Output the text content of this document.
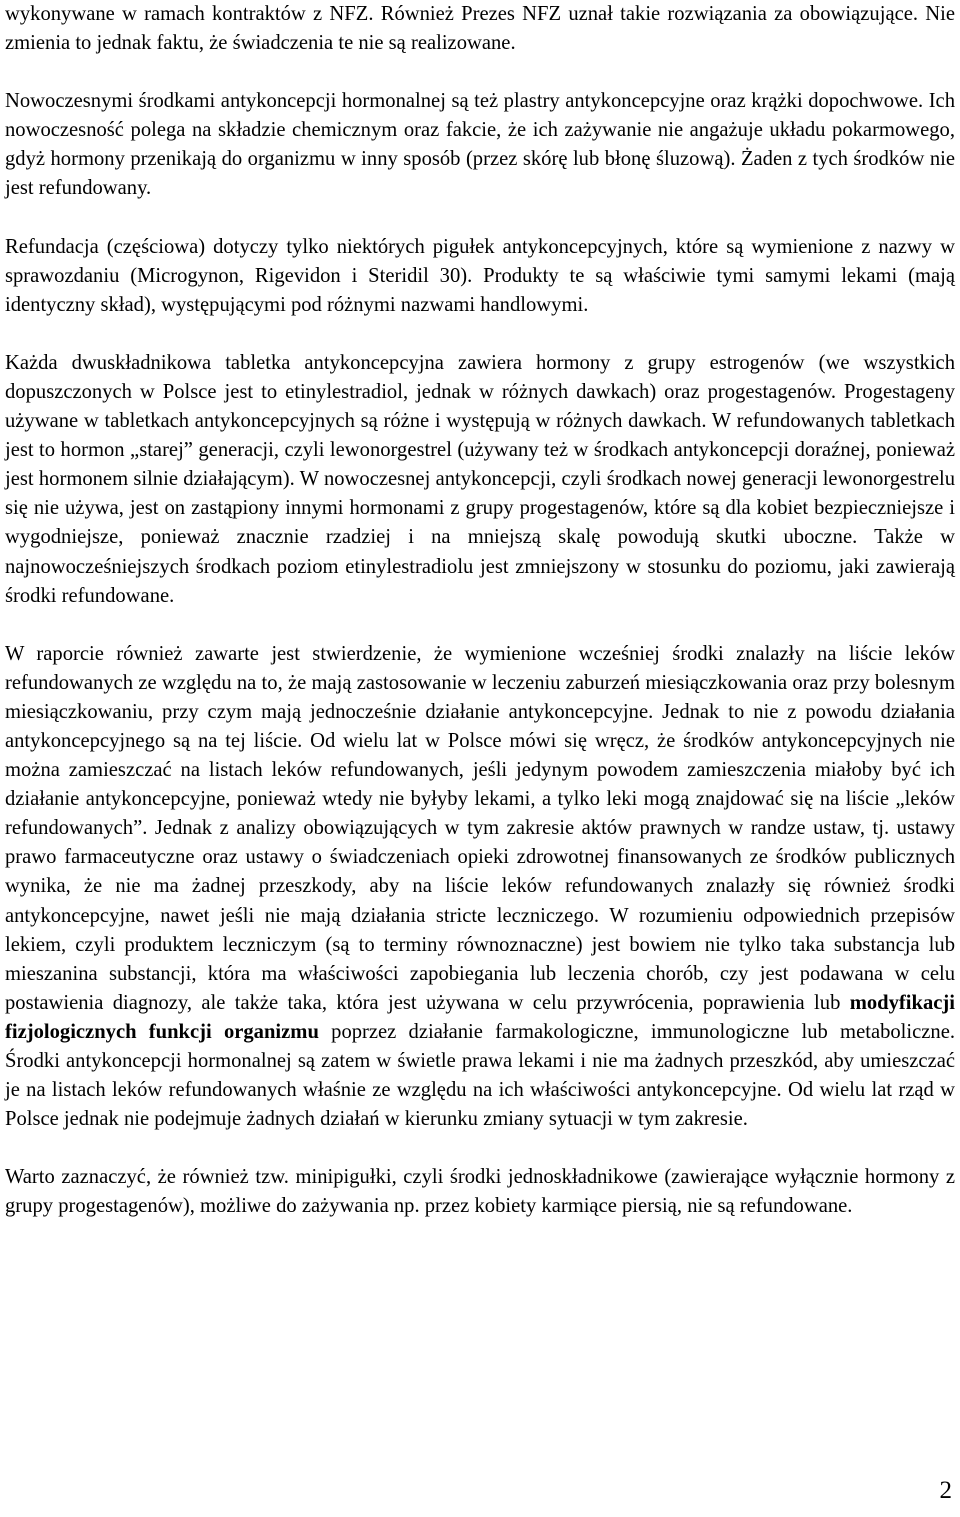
wykonywane w ramach kontraktów z NFZ. Również Prezes NFZ uznał takie rozwiązania za obowiązujące. Nie zmienia to jednak faktu, że świadczenia te nie są realizowane.

Nowoczesnymi środkami antykoncepcji hormonalnej są też plastry antykoncepcyjne oraz krążki dopochwowe. Ich nowoczesność polega na składzie chemicznym oraz fakcie, że ich zażywanie nie angażuje układu pokarmowego, gdyż hormony przenikają do organizmu w inny sposób (przez skórę lub błonę śluzową). Żaden z tych środków nie jest refundowany.

Refundacja (częściowa) dotyczy tylko niektórych pigułek antykoncepcyjnych, które są wymienione z nazwy w sprawozdaniu (Microgynon, Rigevidon i Steridil 30). Produkty te są właściwie tymi samymi lekami (mają identyczny skład), występującymi pod różnymi nazwami handlowymi.

Każda dwuskładnikowa tabletka antykoncepcyjna zawiera hormony z grupy estrogenów (we wszystkich dopuszczonych w Polsce jest to etinylestradiol, jednak w różnych dawkach) oraz progestagenów. Progestageny używane w tabletkach antykoncepcyjnych są różne i występują w różnych dawkach. W refundowanych tabletkach jest to hormon „starej” generacji, czyli lewonorgestrel (używany też w środkach antykoncepcji doraźnej, ponieważ jest hormonem silnie działającym). W nowoczesnej antykoncepcji, czyli środkach nowej generacji lewonorgestrelu się nie używa, jest on zastąpiony innymi hormonami z grupy progestagenów, które są dla kobiet bezpieczniejsze i wygodniejsze, ponieważ znacznie rzadziej i na mniejszą skalę powodują skutki uboczne. Także w najnowocześniejszych środkach poziom etinylestradiolu jest zmniejszony w stosunku do poziomu, jaki zawierają środki refundowane.

W raporcie również zawarte jest stwierdzenie, że wymienione wcześniej środki znalazły na liście leków refundowanych ze względu na to, że mają zastosowanie w leczeniu zaburzeń miesiączkowania oraz przy bolesnym miesiączkowaniu, przy czym mają jednocześnie działanie antykoncepcyjne. Jednak to nie z powodu działania antykoncepcyjnego są na tej liście. Od wielu lat w Polsce mówi się wręcz, że środków antykoncepcyjnych nie można zamieszczać na listach leków refundowanych, jeśli jedynym powodem zamieszczenia miałoby być ich działanie antykoncepcyjne, ponieważ wtedy nie byłyby lekami, a tylko leki mogą znajdować się na liście „leków refundowanych”. Jednak z analizy obowiązujących w tym zakresie aktów prawnych w randze ustaw, tj. ustawy prawo farmaceutyczne oraz ustawy o świadczeniach opieki zdrowotnej finansowanych ze środków publicznych wynika, że nie ma żadnej przeszkody, aby na liście leków refundowanych znalazły się również środki antykoncepcyjne, nawet jeśli nie mają działania stricte leczniczego. W rozumieniu odpowiednich przepisów lekiem, czyli produktem leczniczym (są to terminy równoznaczne) jest bowiem nie tylko taka substancja lub mieszanina substancji, która ma właściwości zapobiegania lub leczenia chorób, czy jest podawana w celu postawienia diagnozy, ale także taka, która jest używana w celu przywrócenia, poprawienia lub modyfikacji fizjologicznych funkcji organizmu poprzez działanie farmakologiczne, immunologiczne lub metaboliczne. Środki antykoncepcji hormonalnej są zatem w świetle prawa lekami i nie ma żadnych przeszkód, aby umieszczać je na listach leków refundowanych właśnie ze względu na ich właściwości antykoncepcyjne. Od wielu lat rząd w Polsce jednak nie podejmuje żadnych działań w kierunku zmiany sytuacji w tym zakresie.

Warto zaznaczyć, że również tzw. minipigułki, czyli środki jednoskładnikowe (zawierające wyłącznie hormony z grupy progestagenów), możliwe do zażywania np. przez kobiety karmiące piersią, nie są refundowane.

2
